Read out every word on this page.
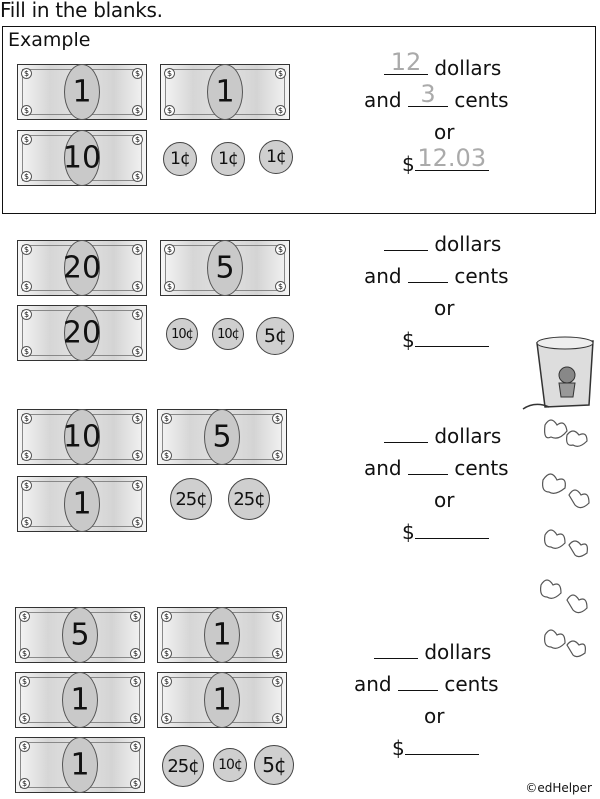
Fill in the blanks.
Example
1
$	$
$	$
1
$	$
$	$
10
$	$
$	$
1¢	1¢	1¢
12 dollars
and 3 cents
or
$ 12.03
20
$	$
$	$
5
$	$
$	$
20
$	$
$	$
10¢	10¢	5¢
dollars
and  cents
or
$
10
$	$
$	$
5
$	$
$	$
1
$	$
$	$
25¢ 25¢
dollars
and  cents
or
$
5
$	$
$	$
1
$	$
$	$
1
$	$
$	$
1
$	$
$	$
1
$	$
$	$
25¢	10¢	5¢
dollars
and  cents
or
$
©edHelper
